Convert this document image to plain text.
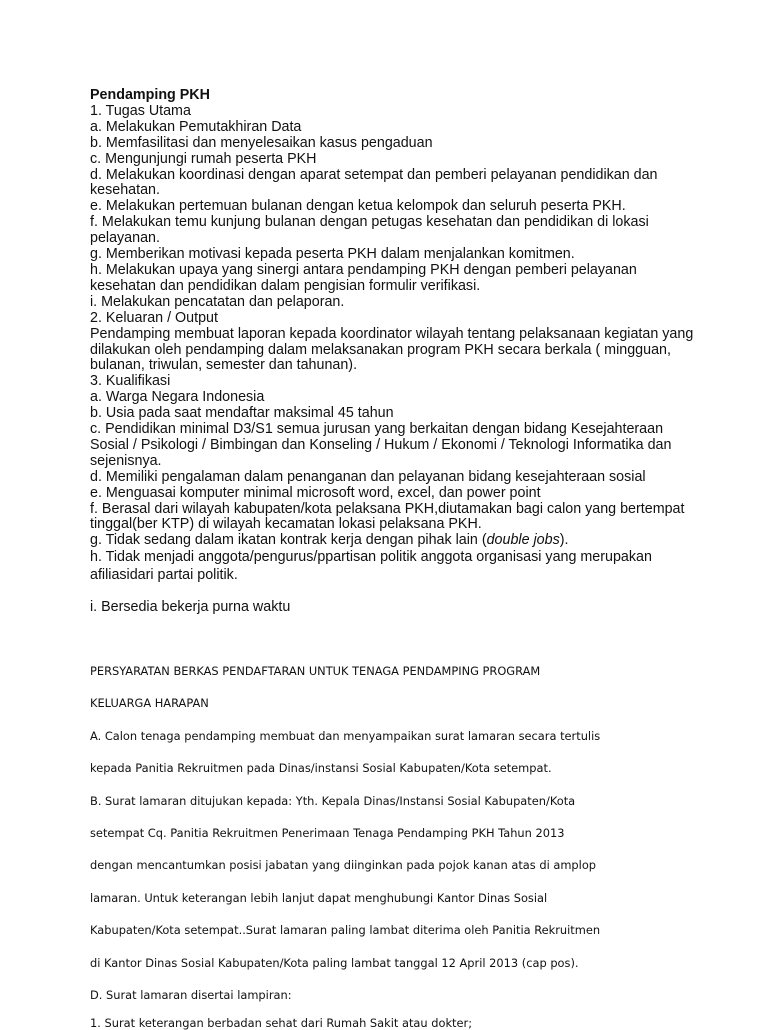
Pendamping PKH
1. Tugas Utama
a. Melakukan Pemutakhiran Data
b. Memfasilitasi dan menyelesaikan kasus pengaduan
c. Mengunjungi rumah peserta PKH
d. Melakukan koordinasi dengan aparat setempat dan pemberi pelayanan pendidikan dan
kesehatan.
e. Melakukan pertemuan bulanan dengan ketua kelompok dan seluruh peserta PKH.
f. Melakukan temu kunjung bulanan dengan petugas kesehatan dan pendidikan di lokasi
pelayanan.
g. Memberikan motivasi kepada peserta PKH dalam menjalankan komitmen.
h. Melakukan upaya yang sinergi antara pendamping PKH dengan pemberi pelayanan
kesehatan dan pendidikan dalam pengisian formulir verifikasi.
i. Melakukan pencatatan dan pelaporan.
2. Keluaran / Output
Pendamping membuat laporan kepada koordinator wilayah tentang pelaksanaan kegiatan yang
dilakukan oleh pendamping dalam melaksanakan program PKH secara berkala ( mingguan,
bulanan, triwulan, semester dan tahunan).
3. Kualifikasi
a. Warga Negara Indonesia
b. Usia pada saat mendaftar maksimal 45 tahun
c. Pendidikan minimal D3/S1 semua jurusan yang berkaitan dengan bidang Kesejahteraan
Sosial / Psikologi / Bimbingan dan Konseling / Hukum / Ekonomi / Teknologi Informatika dan
sejenisnya.
d. Memiliki pengalaman dalam penanganan dan pelayanan bidang kesejahteraan sosial
e. Menguasai komputer minimal microsoft word, excel, dan power point
f. Berasal dari wilayah kabupaten/kota pelaksana PKH,diutamakan bagi calon yang bertempat
tinggal(ber KTP) di wilayah kecamatan lokasi pelaksana PKH.
g. Tidak sedang dalam ikatan kontrak kerja dengan pihak lain (double jobs).
h. Tidak menjadi anggota/pengurus/ppartisan politik anggota organisasi yang merupakan
afiliasidari partai politik.
i. Bersedia bekerja purna waktu
PERSYARATAN BERKAS PENDAFTARAN UNTUK TENAGA PENDAMPING PROGRAM
KELUARGA HARAPAN
A. Calon tenaga pendamping membuat dan menyampaikan surat lamaran secara tertulis
kepada Panitia Rekruitmen pada Dinas/instansi Sosial Kabupaten/Kota setempat.
B. Surat lamaran ditujukan kepada: Yth. Kepala Dinas/Instansi Sosial Kabupaten/Kota
setempat Cq. Panitia Rekruitmen Penerimaan Tenaga Pendamping PKH Tahun 2013
dengan mencantumkan posisi jabatan yang diinginkan pada pojok kanan atas di amplop
lamaran. Untuk keterangan lebih lanjut dapat menghubungi Kantor Dinas Sosial
Kabupaten/Kota setempat..Surat lamaran paling lambat diterima oleh Panitia Rekruitmen
di Kantor Dinas Sosial Kabupaten/Kota paling lambat tanggal 12 April 2013 (cap pos).
D. Surat lamaran disertai lampiran:
1. Surat keterangan berbadan sehat dari Rumah Sakit atau dokter;
